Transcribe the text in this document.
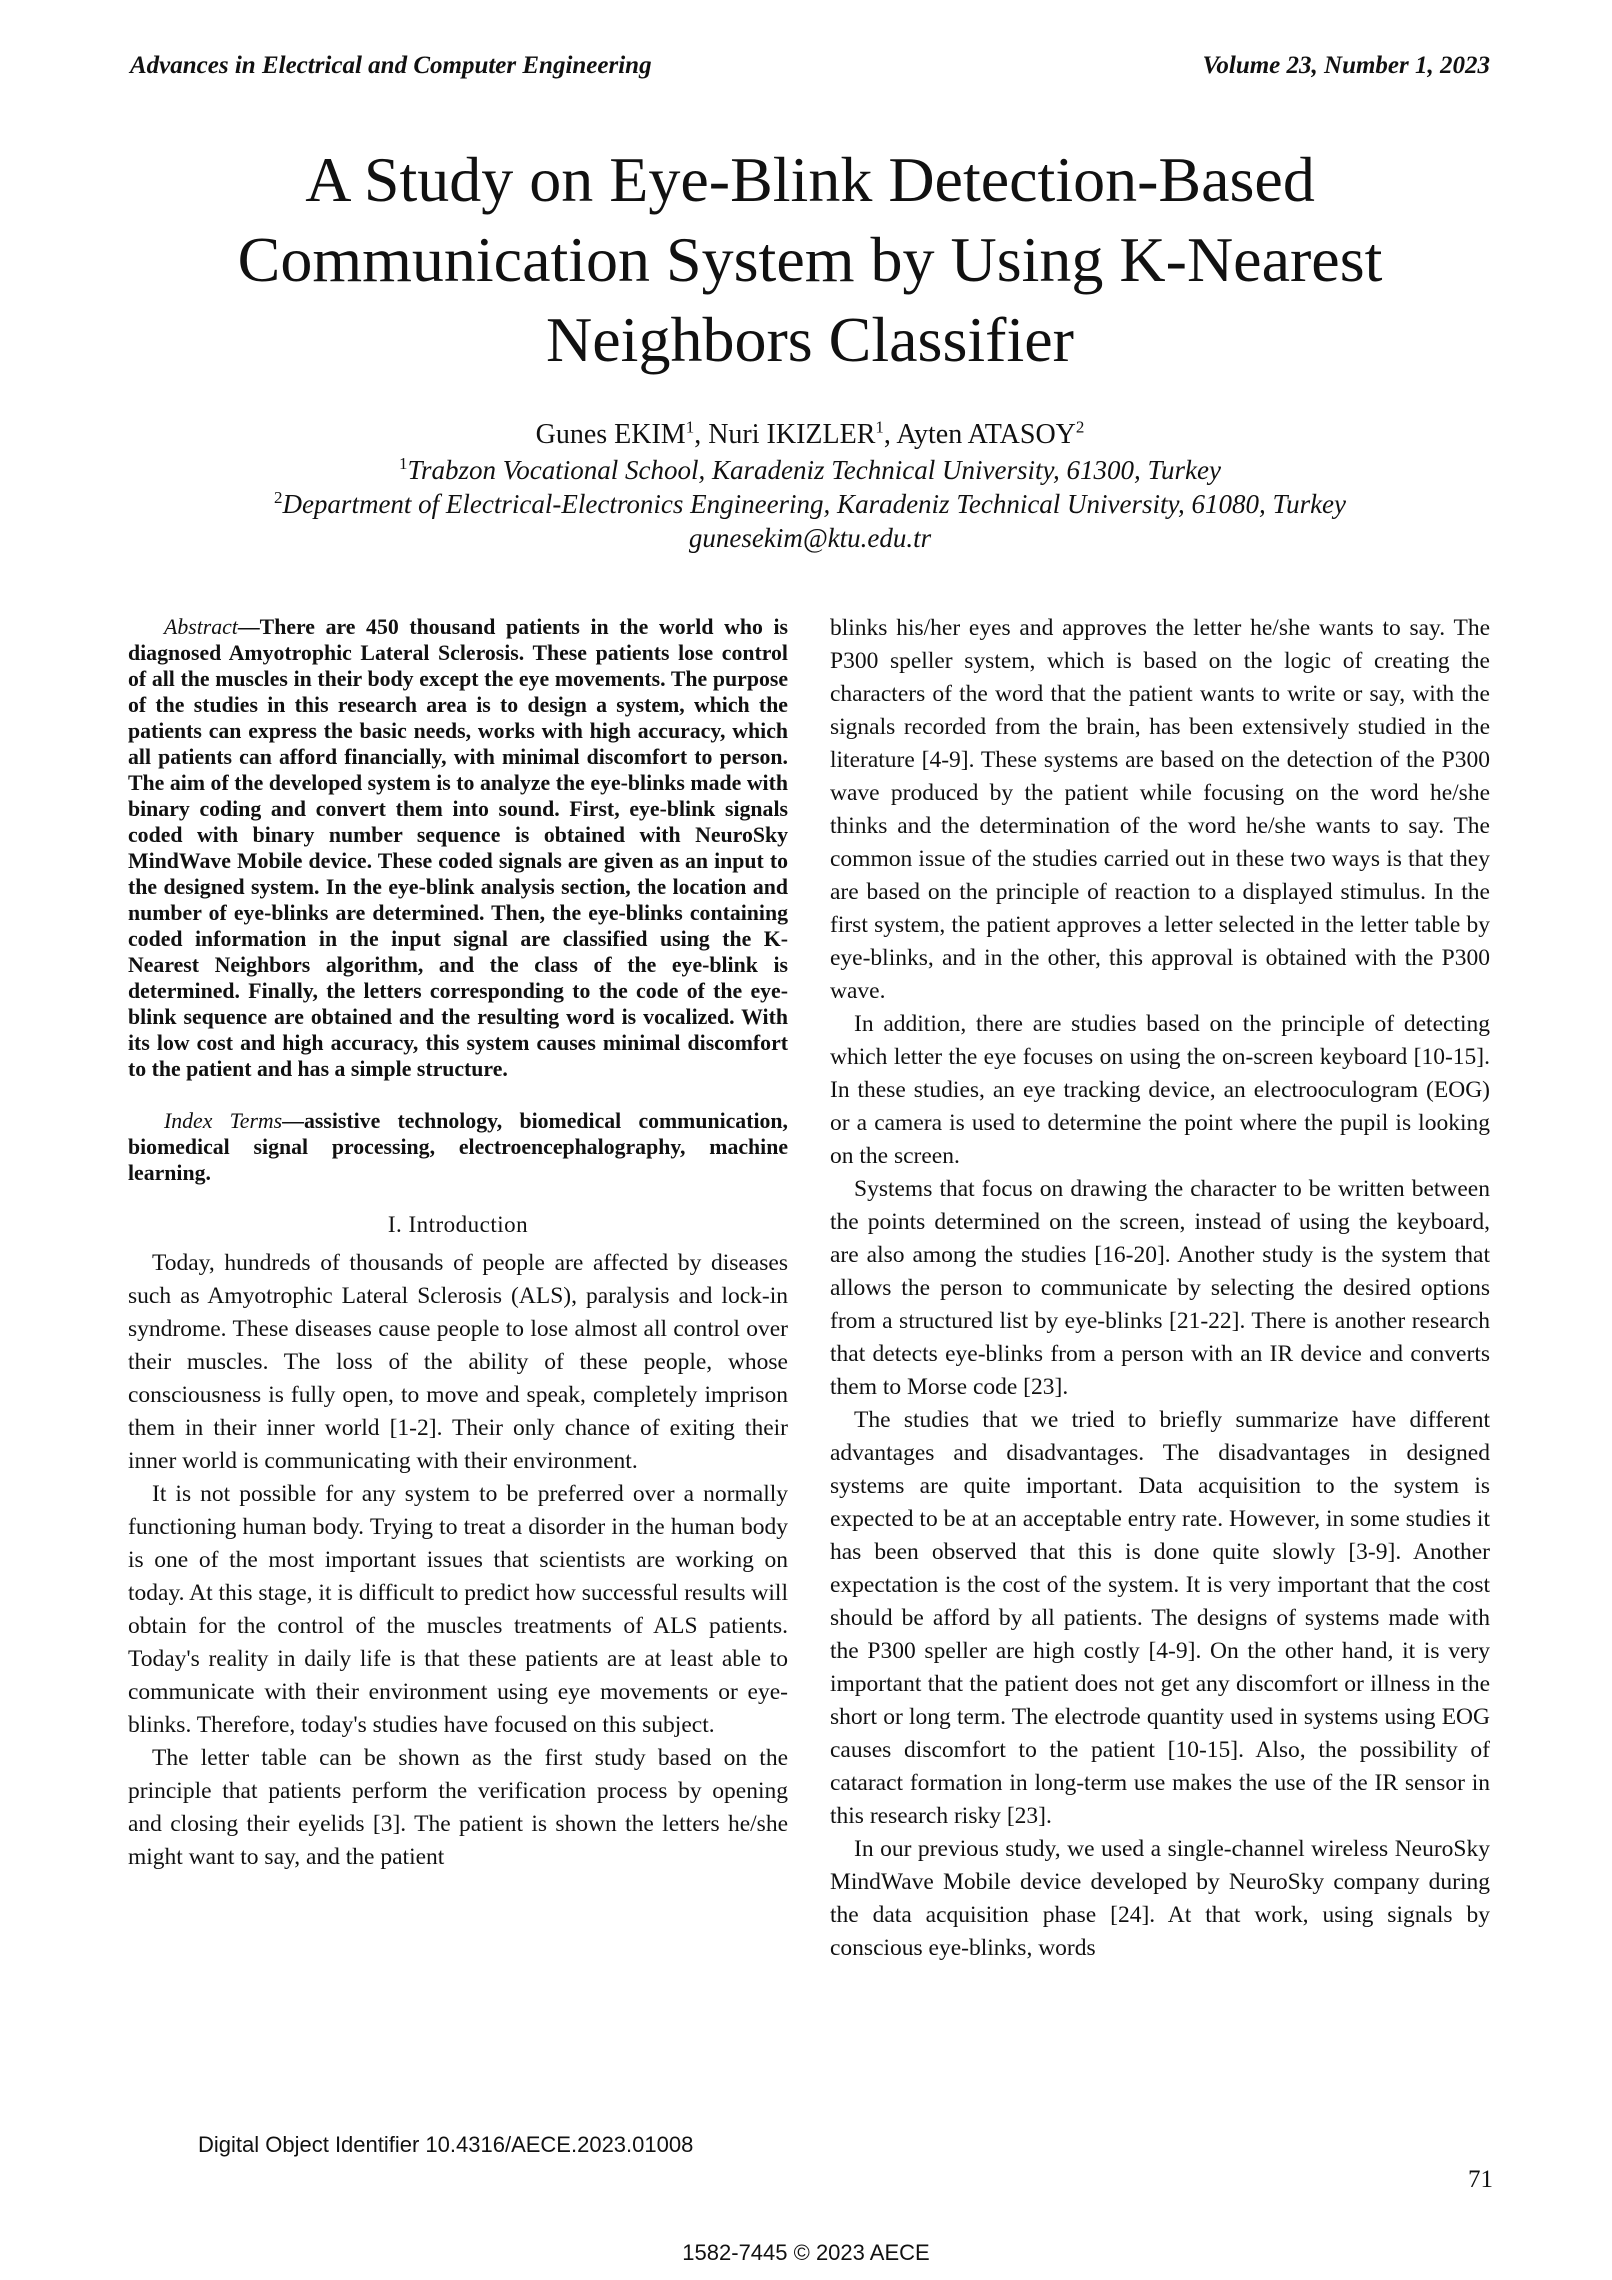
Advances in Electrical and Computer Engineering	Volume 23, Number 1, 2023
A Study on Eye-Blink Detection-Based Communication System by Using K-Nearest Neighbors Classifier
Gunes EKIM$^1$, Nuri IKIZLER$^1$, Ayten ATASOY$^2$
$^1$Trabzon Vocational School, Karadeniz Technical University, 61300, Turkey
$^2$Department of Electrical-Electronics Engineering, Karadeniz Technical University, 61080, Turkey
gunesekim@ktu.edu.tr

Abstract—There are 450 thousand patients in the world who is diagnosed Amyotrophic Lateral Sclerosis. These patients lose control of all the muscles in their body except the eye movements. The purpose of the studies in this research area is to design a system, which the patients can express the basic needs, works with high accuracy, which all patients can afford financially, with minimal discomfort to person. The aim of the developed system is to analyze the eye-blinks made with binary coding and convert them into sound. First, eye-blink signals coded with binary number sequence is obtained with NeuroSky MindWave Mobile device. These coded signals are given as an input to the designed system. In the eye-blink analysis section, the location and number of eye-blinks are determined. Then, the eye-blinks containing coded information in the input signal are classified using the K-Nearest Neighbors algorithm, and the class of the eye-blink is determined. Finally, the letters corresponding to the code of the eye-blink sequence are obtained and the resulting word is vocalized. With its low cost and high accuracy, this system causes minimal discomfort to the patient and has a simple structure.

Index Terms—assistive technology, biomedical communication, biomedical signal processing, electroencephalography, machine learning.

I. Introduction

Today, hundreds of thousands of people are affected by diseases such as Amyotrophic Lateral Sclerosis (ALS), paralysis and lock-in syndrome. These diseases cause people to lose almost all control over their muscles. The loss of the ability of these people, whose consciousness is fully open, to move and speak, completely imprison them in their inner world [1-2]. Their only chance of exiting their inner world is communicating with their environment.

It is not possible for any system to be preferred over a normally functioning human body. Trying to treat a disorder in the human body is one of the most important issues that scientists are working on today. At this stage, it is difficult to predict how successful results will obtain for the control of the muscles treatments of ALS patients. Today's reality in daily life is that these patients are at least able to communicate with their environment using eye movements or eye-blinks. Therefore, today's studies have focused on this subject.

The letter table can be shown as the first study based on the principle that patients perform the verification process by opening and closing their eyelids [3]. The patient is shown the letters he/she might want to say, and the patient

blinks his/her eyes and approves the letter he/she wants to say. The P300 speller system, which is based on the logic of creating the characters of the word that the patient wants to write or say, with the signals recorded from the brain, has been extensively studied in the literature [4-9]. These systems are based on the detection of the P300 wave produced by the patient while focusing on the word he/she thinks and the determination of the word he/she wants to say. The common issue of the studies carried out in these two ways is that they are based on the principle of reaction to a displayed stimulus. In the first system, the patient approves a letter selected in the letter table by eye-blinks, and in the other, this approval is obtained with the P300 wave.

In addition, there are studies based on the principle of detecting which letter the eye focuses on using the on-screen keyboard [10-15]. In these studies, an eye tracking device, an electrooculogram (EOG) or a camera is used to determine the point where the pupil is looking on the screen.

Systems that focus on drawing the character to be written between the points determined on the screen, instead of using the keyboard, are also among the studies [16-20]. Another study is the system that allows the person to communicate by selecting the desired options from a structured list by eye-blinks [21-22]. There is another research that detects eye-blinks from a person with an IR device and converts them to Morse code [23].

The studies that we tried to briefly summarize have different advantages and disadvantages. The disadvantages in designed systems are quite important. Data acquisition to the system is expected to be at an acceptable entry rate. However, in some studies it has been observed that this is done quite slowly [3-9]. Another expectation is the cost of the system. It is very important that the cost should be afford by all patients. The designs of systems made with the P300 speller are high costly [4-9]. On the other hand, it is very important that the patient does not get any discomfort or illness in the short or long term. The electrode quantity used in systems using EOG causes discomfort to the patient [10-15]. Also, the possibility of cataract formation in long-term use makes the use of the IR sensor in this research risky [23].

In our previous study, we used a single-channel wireless NeuroSky MindWave Mobile device developed by NeuroSky company during the data acquisition phase [24]. At that work, using signals by conscious eye-blinks, words

Digital Object Identifier 10.4316/AECE.2023.01008
71
1582-7445 © 2023 AECE
